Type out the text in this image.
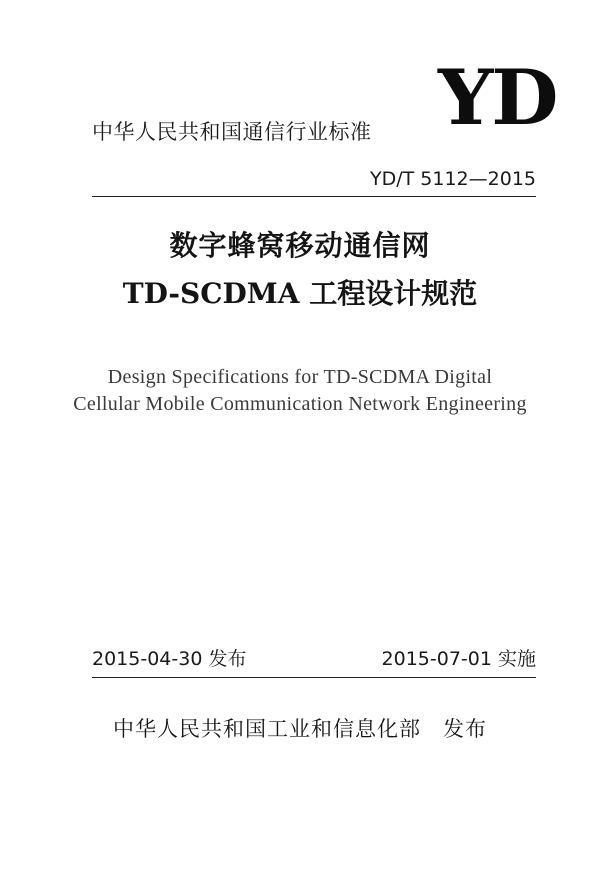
YD
中华人民共和国通信行业标准
YD/T 5112—2015
数字蜂窝移动通信网
TD-SCDMA 工程设计规范
Design Specifications for TD-SCDMA Digital
Cellular Mobile Communication Network Engineering
2015-04-30 发布	2015-07-01 实施
中华人民共和国工业和信息化部 发布
